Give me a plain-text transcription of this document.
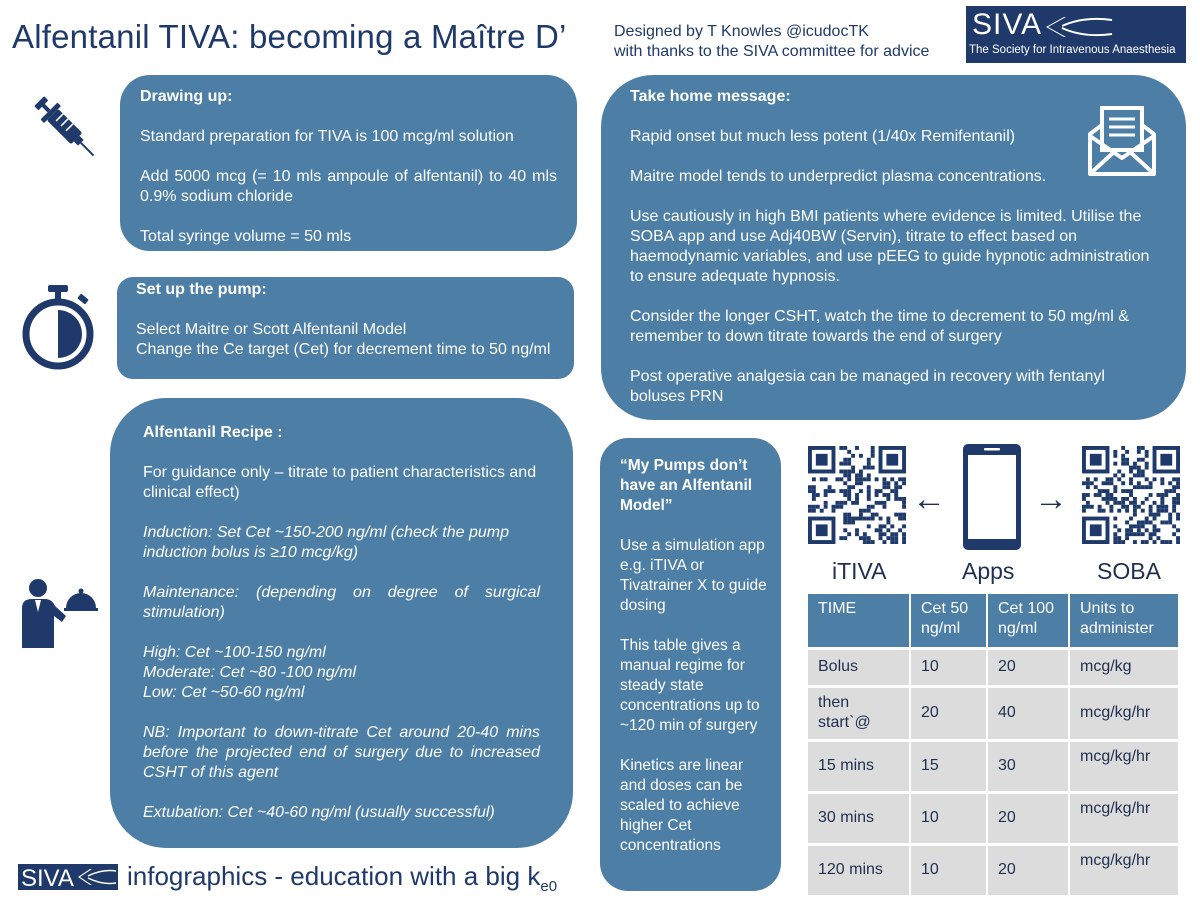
Alfentanil TIVA: becoming a Maître D’	Designed by T Knowles @icudocTK
with thanks to the SIVA committee for advice
SIVA
The Society for Intravenous Anaesthesia

Drawing up:

Standard preparation for TIVA is 100 mcg/ml solution

Add 5000 mcg (= 10 mls ampoule of alfentanil) to 40 mls 0.9% sodium chloride

Total syringe volume = 50 mls

Set up the pump:

Select Maitre or Scott Alfentanil Model

Change the Ce target (Cet) for decrement time to 50 ng/ml

Alfentanil Recipe :

For guidance only – titrate to patient characteristics and clinical effect)

Induction: Set Cet ~150-200 ng/ml (check the pump induction bolus is ≥10 mcg/kg)

Maintenance: (depending on degree of surgical stimulation)

High: Cet ~100-150 ng/ml

Moderate: Cet ~80 -100 ng/ml

Low: Cet ~50-60 ng/ml

NB: Important to down-titrate Cet around 20-40 mins before the projected end of surgery due to increased CSHT of this agent

Extubation: Cet ~40-60 ng/ml (usually successful)

Take home message:

Rapid onset but much less potent (1/40x Remifentanil)

Maitre model tends to underpredict plasma concentrations.

Use cautiously in high BMI patients where evidence is limited. Utilise the SOBA app and use Adj40BW (Servin), titrate to effect based on haemodynamic variables, and use pEEG to guide hypnotic administration to ensure adequate hypnosis.

Consider the longer CSHT, watch the time to decrement to 50 mg/ml & remember to down titrate towards the end of surgery

Post operative analgesia can be managed in recovery with fentanyl boluses PRN

“My Pumps don’t have an Alfentanil Model”

Use a simulation app e.g. iTIVA or Tivatrainer X to guide dosing

This table gives a manual regime for steady state concentrations up to ~120 min of surgery

Kinetics are linear and doses can be scaled to achieve higher Cet concentrations

←	→
iTIVA	Apps	SOBA
TIME	Cet 50 ng/ml	Cet 100 ng/ml	Units to administer
Bolus	10	20	mcg/kg
then start`@	20	40	mcg/kg/hr
15 mins	15	30	mcg/kg/hr
30 mins	10	20	mcg/kg/hr
120 mins	10	20	mcg/kg/hr
SIVA infographics - education with a big $k_{e0}$
